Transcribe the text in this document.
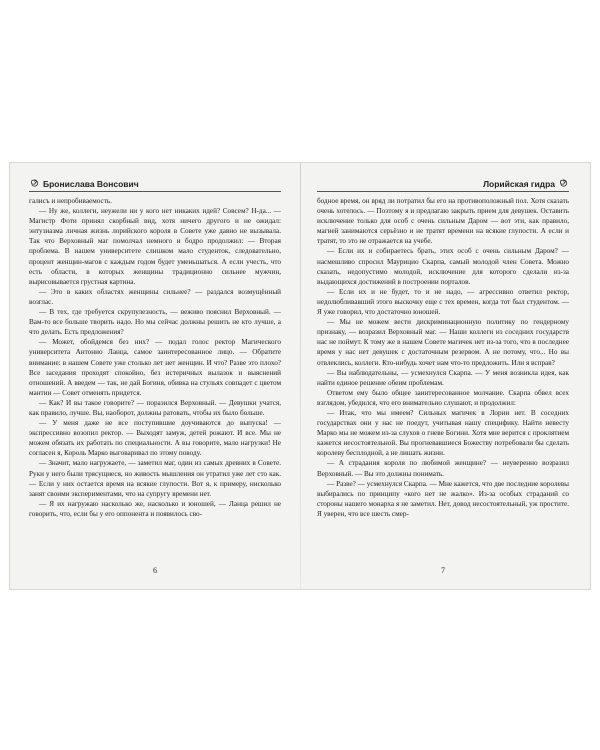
Бронислава Вонсович

галисъ и непробиваемость.

— Ну же, коллеги, неужели ни у кого нет никаких идей? Совсем? Н-да... — Магистр Фоти принял скорбный вид, хотя ничего другого и не ожидал: энтузиазма личная жизнь лорийского короля в Совете уже давно не вызывала. Так что Верховный маг помолчал немного и бодро продолжил: — Вторая проблема. В нашем университете слишком мало студенток, следовательно, процент женщин-магов с каждым годом будет уменьшаться. А если учесть, что есть области, в которых женщины традиционно сильнее мужчин, вырисовывается грустная картина.

— Это в каких областях женщины сильнее? — раздался возмущённый возглас.

— В тех, где требуется скрупулезность, — веживо пояснил Верховный. — Вам-то все больше творить надо. Но мы сейчас должны решить не кто лучше, а что делать. Есть предложения?

— Может, обойдемся без них? — подал голос ректор Магического университета Антонио Ланца, самое заинтересованное лицо. — Обратите внимание: в нашем Совете уже столько лет нет женщин. И что? Разве это плохо? Все заседания проходят спокойно, без истеричных вылазок и выяснений отношений. А введем — так, не дай Богиня, обивка на стульях совпадет с цветом мантии — Совет отменять придется.

— Как? И вы такое говорите? — поразился Верховный. — Девушки учатся, как правило, лучше. Вы, наоборот, должны ратовать, чтобы их было больше.

— У меня даже не все поступившие доучиваются до выпуска! — экспрессивно возопил ректор. — Выходят замуж, детей рожают. И все. Мы не можем обязать их работать по специальности. А вы говорите, мало нагрузки! Не согласен я, Король Марко выговаривал по этому поводу.

— Значит, мало нагружаете, — заметил маг, один из самых древних в Совете. Руки у него были трясущиеся, но живость мышления он утратил уже лет сто как. — Если у них остается время на всякие глупости. Вот я, к примеру, нисколько занят своими экспериментами, что на супругу времени нет.

— Я их нагружаю насколько же, насколько и юношей, — Ланца решил не говорить, что, если бы у его оппонента и появилось сво-

6
Лорийская гидра

бодное время, он вряд ли потратил бы его на противоположный пол. Хотя сказать очень хотелось. — Поэтому я и предлагаю закрыть прием для девушек. Оставить исключение только для особ с очень сильным Даром — вот эти, как правило, магией занимаются серьёзно и не тратят времени на всякие глупости. А если и тратят, то это не отражается на учебе.

— Если их и собираетесь брать, этих особ с очень сильным Даром? — насмешливо спросил Маурицио Скарпа, самый молодой член Совета. Можно сказать, недопустимо молодой, исключение для которого сделали из-за выдающихся достижений в построении порталов.

— Если их и не будет, то и не надо, — агрессивно ответил ректор, недолюбливавший этого выскочку еще с тех времен, когда тот был студентом. — Я уже говорил, что достаточно юношей.

— Мы не можем вести дискриминационную политику по гендерному признаку, — возразил Верховный маг. — Наши коллеги из соседних государств нас не поймут. К тому же в нашем Совете магичек нет из-за того, что в последнее время у нас нет девушек с достаточным резервом. А не потому, что... Но вы отвлеклись, коллеги. Кто-нибудь хочет нам что-то предложить. Или я всправ?

— Вы наблюдательны, — усмехнулся Скарпа. — У меня возникла идея, как найти единое решение обеим проблемам.

Ответом ему было общее заинтересованное молчание. Скарпа обвел всех взглядом, убедился, что его внимательно слушают, и продолжил:

— Итак, что мы имеем? Сильных магичек в Лории нет. В соседних государствах они у нас не поедут, учитывая нашу специфику. Найти невесту Марко мы не можем из-за слухов о гневе Богини. Хотя мне верится с проклятием кажется несостоятельной. Вы прогневавшиеся Божеству потребовали бы сделать королеву бесплодной, а не лишать жизни.

— А страдания короля по любимой женщине? — неуверенно возразил Верховный. — Вы это должны понимать.

— Разве? — усмехнулся Скарпа. — Мне кажется, что две последние королевы выбирались по принципу «кого нет не жалко». Из-за особых страданий со стороны нашего монарха я не заметил. Нет, довод несостоятельный, уж простите. Я уверен, что все шесть смер-

7
